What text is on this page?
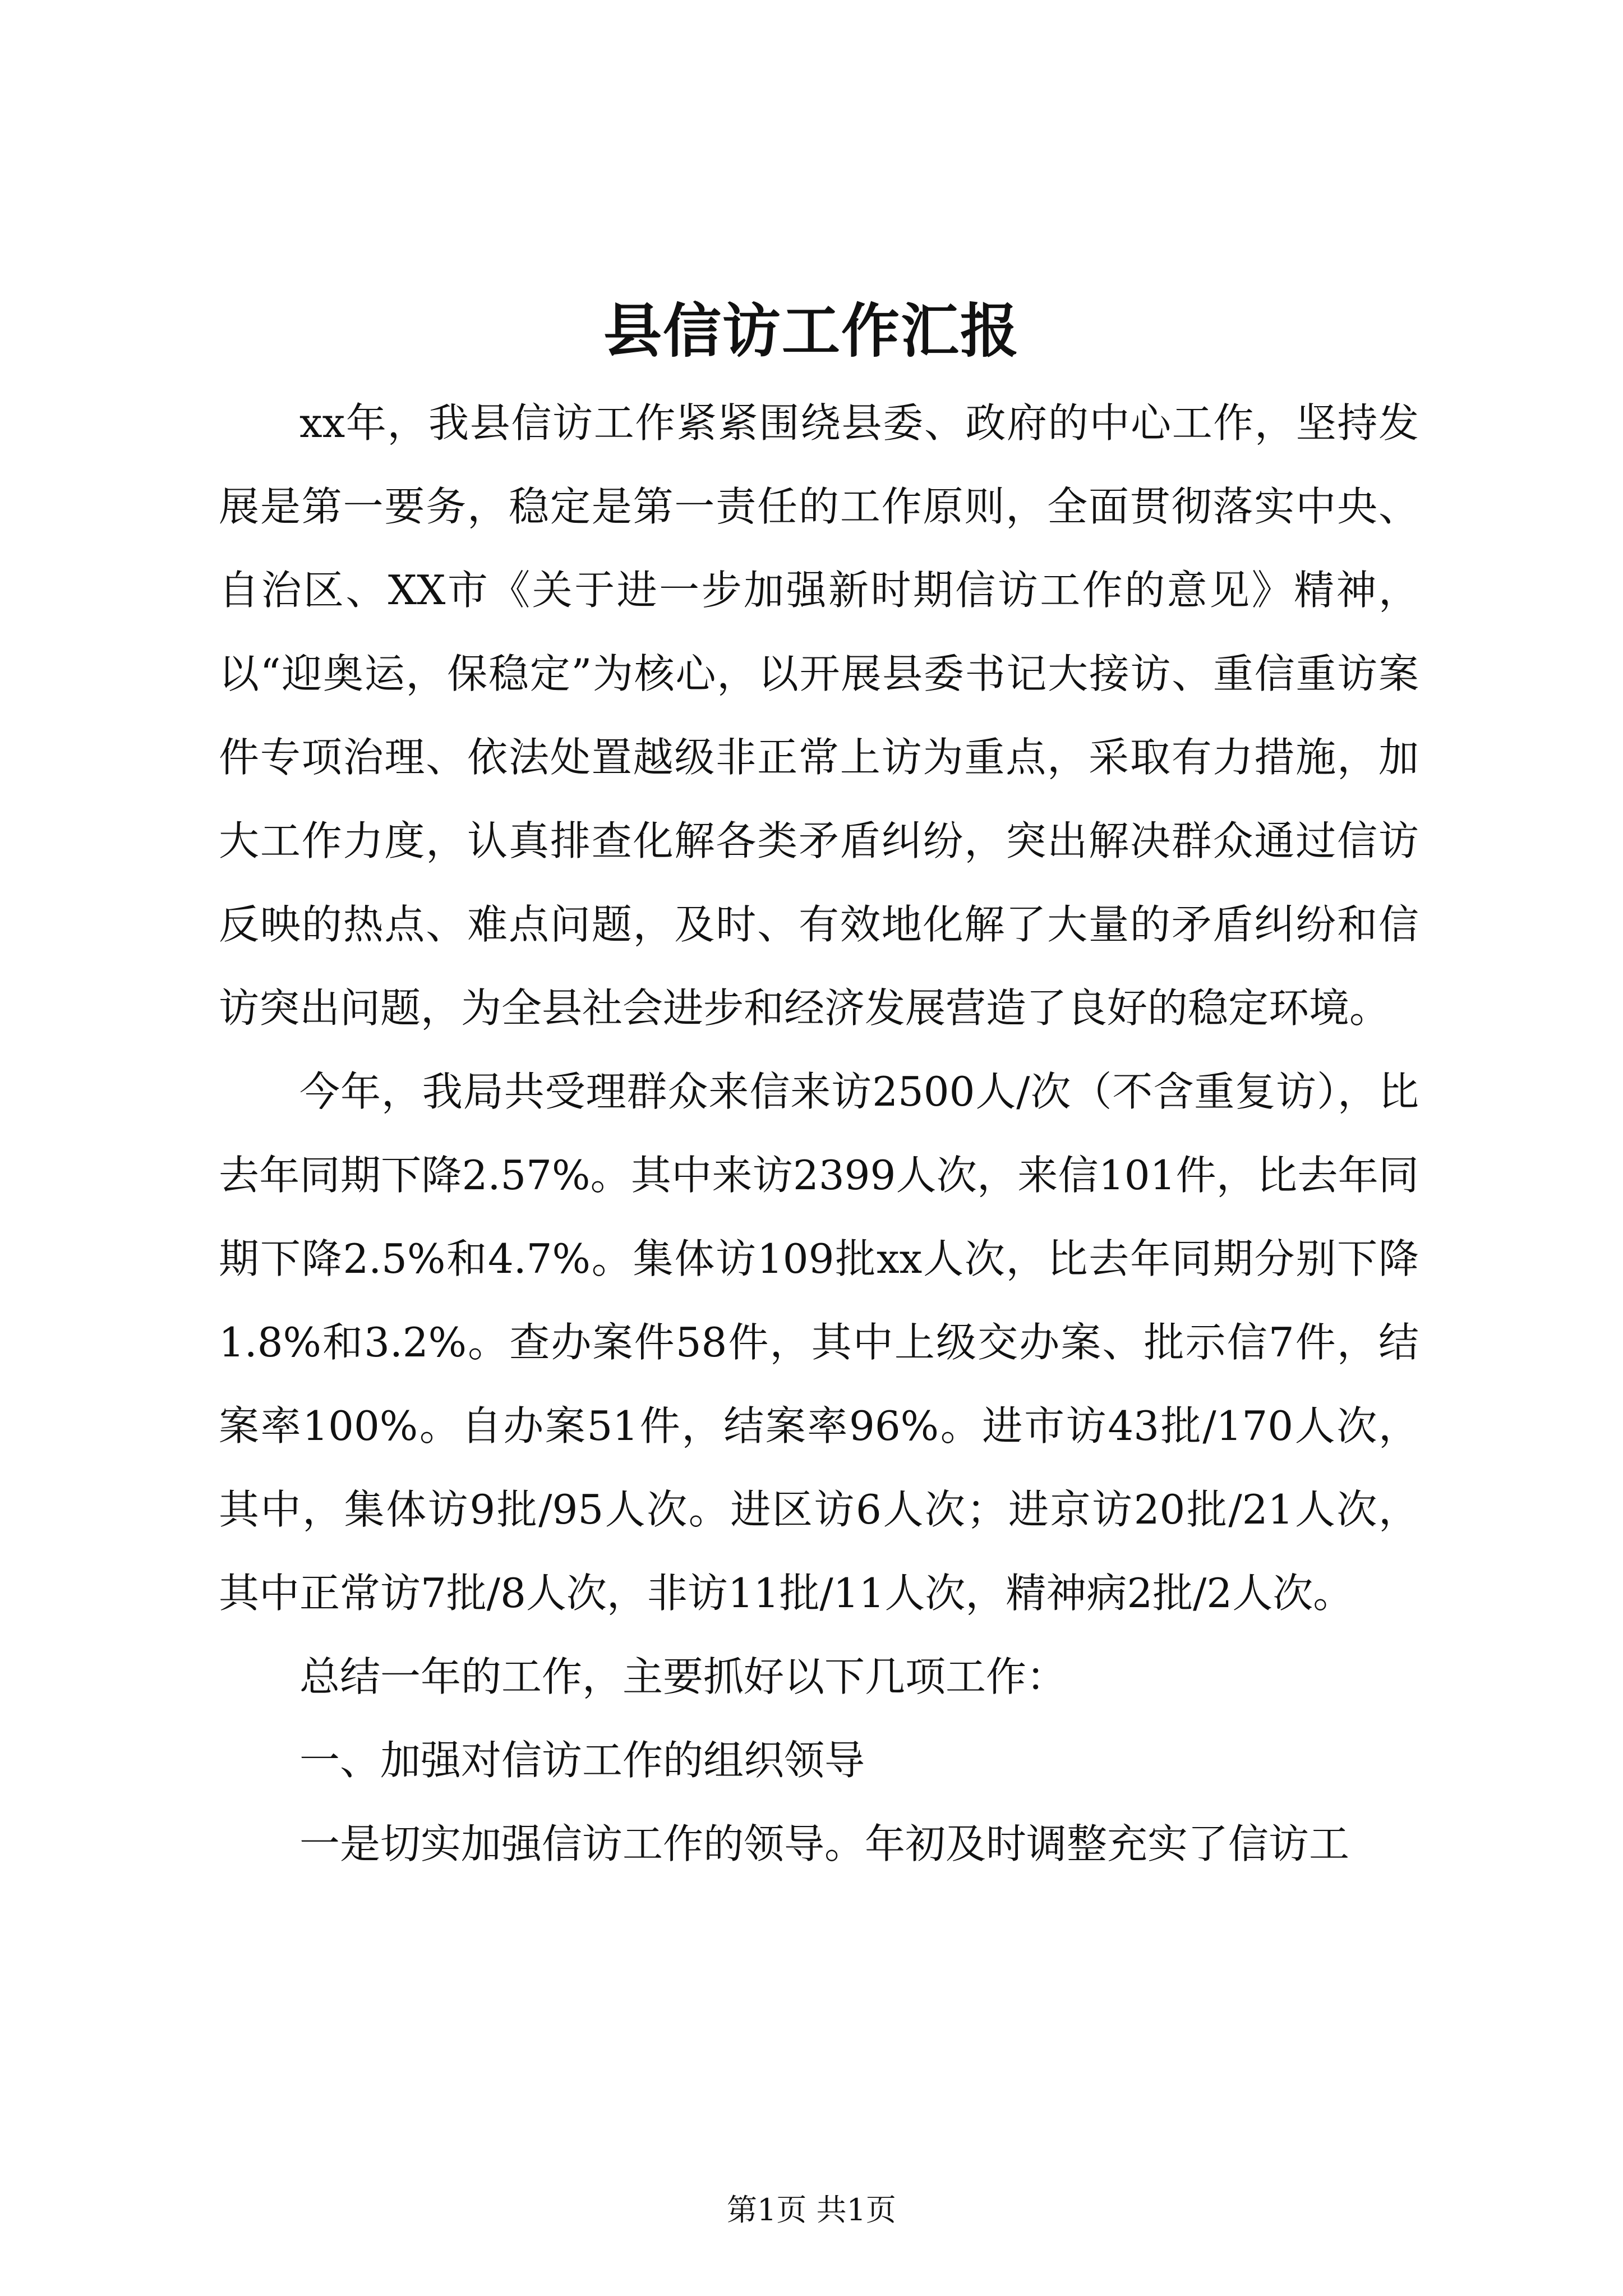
县信访工作汇报

xx年，我县信访工作紧紧围绕县委、政府的中心工作，坚持发展是第一要务，稳定是第一责任的工作原则，全面贯彻落实中央、自治区、XX市《关于进一步加强新时期信访工作的意见》精神，以“迎奥运，保稳定”为核心，以开展县委书记大接访、重信重访案件专项治理、依法处置越级非正常上访为重点，采取有力措施，加大工作力度，认真排查化解各类矛盾纠纷，突出解决群众通过信访反映的热点、难点问题，及时、有效地化解了大量的矛盾纠纷和信访突出问题，为全县社会进步和经济发展营造了良好的稳定环境。

今年，我局共受理群众来信来访2500人/次（不含重复访），比去年同期下降2.57%。其中来访2399人次，来信101件，比去年同期下降2.5%和4.7%。集体访109批xx人次，比去年同期分别下降1.8%和3.2%。查办案件58件，其中上级交办案、批示信7件，结案率100%。自办案51件，结案率96%。进市访43批/170人次，其中，集体访9批/95人次。进区访6人次；进京访20批/21人次，其中正常访7批/8人次，非访11批/11人次，精神病2批/2人次。

总结一年的工作，主要抓好以下几项工作：

一、加强对信访工作的组织领导

一是切实加强信访工作的领导。年初及时调整充实了信访工

第1页 共1页
